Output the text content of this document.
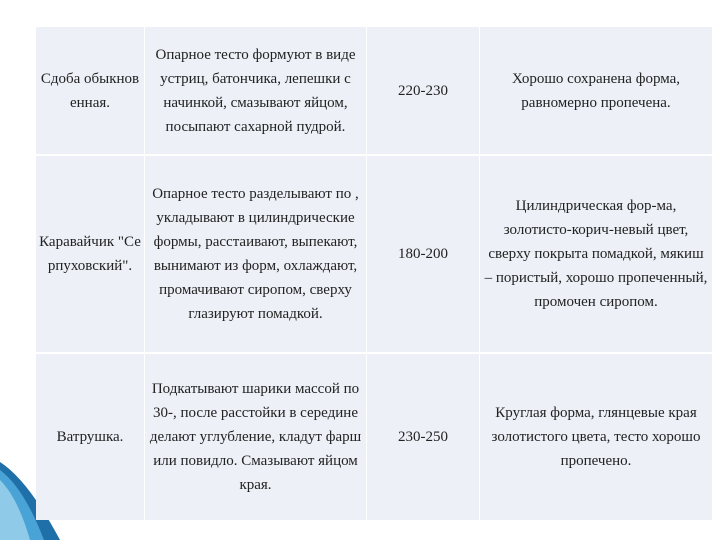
Сдоба обыкновенная.
Опарное тесто формуют в виде устриц, батончика, лепешки с начинкой, смазывают яйцом, посыпают сахарной пудрой.
220-230
Хорошо сохранена форма, равномерно пропечена.
Каравайчик "Серпуховский".
Опарное тесто разделывают по , укладывают в цилиндрические формы, расстаивают, выпекают, вынимают из форм, охлаждают, промачивают сиропом, сверху глазируют помадкой.
180-200
Цилиндрическая фор-ма, золотисто-корич-невый цвет, сверху покрыта помадкой, мякиш – пористый, хорошо пропеченный, промочен сиропом.
Ватрушка.
Подкатывают шарики массой по 30-, после расстойки в середине делают углубление, кладут фарш или повидло. Смазывают яйцом края.
230-250
Круглая форма, глянцевые края золотистого цвета, тесто хорошо пропечено.
